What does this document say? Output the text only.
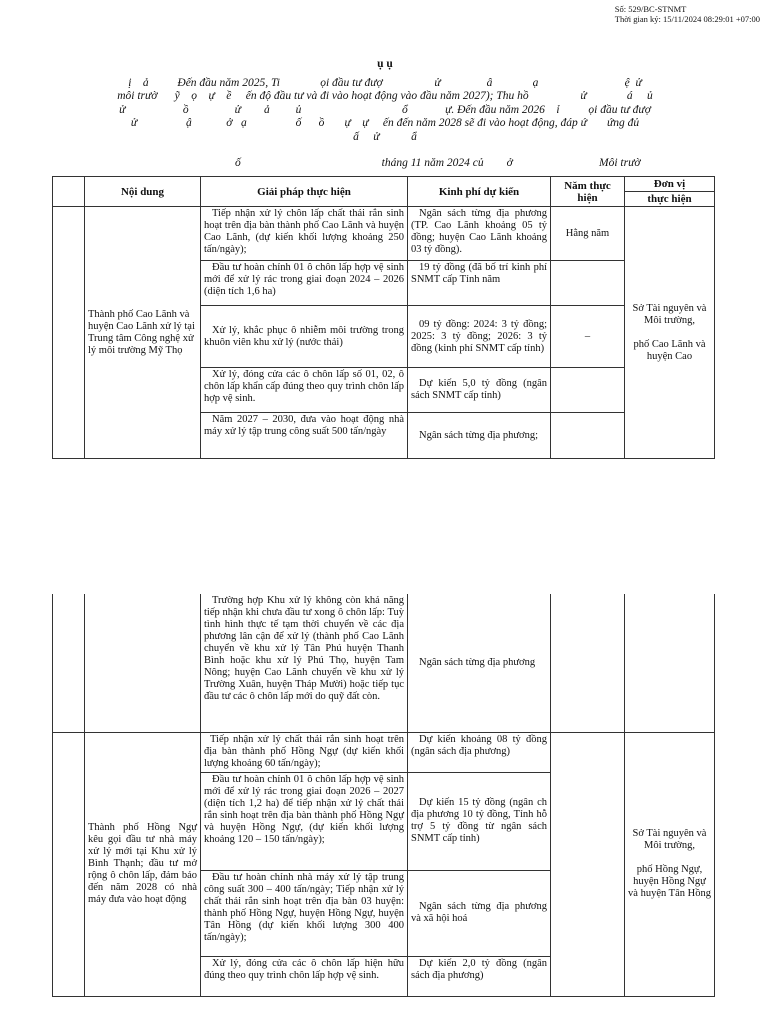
Số: 529/BC-STNMT
Thời gian ký: 15/11/2024 08:29:01 +07:00
ụ ụ
ị    ả          Đến đầu năm 2025, Ti              ọi đầu tư đượ                  ử                â              ạ                              ệ  ử
môi trườ      ỹ    ọ    ự    ề     ến độ đầu tư và đi vào hoạt động vào đầu năm 2027); Thu hồ                  ử              á     ủ
ử                    ồ                ử        ả         ủ                                   ổ             ự. Đến đầu năm 2026    ỉ          ọi đầu tư đượ
ử                 ậ            ở   ạ                 ố      ồ       ự    ự     ến đến năm 2028 sẽ đi vào hoạt động, đáp ứ       ứng đủ
ấ     ử           ẩ
ố                                                 tháng 11 năm 2024 củ        ở                              Môi trườ
	Nội dung	Giải pháp thực hiện	Kinh phí dự kiến	Năm thực hiện	Đơn vị
					thực hiện
	Thành phố Cao Lãnh và huyện Cao Lãnh xử lý tại Trung tâm Công nghệ xử lý môi trường Mỹ Thọ	Tiếp nhận xử lý chôn lấp chất thải rắn sinh hoạt trên địa bàn thành phố Cao Lãnh và huyện Cao Lãnh, (dự kiến khối lượng khoảng 250 tấn/ngày);	Ngân sách từng địa phương (TP. Cao Lãnh khoảng 05 tỷ đồng; huyện Cao Lãnh khoảng 03 tỷ đồng).	Hằng năm	Sở Tài nguyên và Môi trường,
phố Cao Lãnh và huyện Cao

		Đầu tư hoàn chỉnh 01 ô chôn lấp hợp vệ sinh mới để xử lý rác trong giai đoạn 2024 – 2026 (diện tích 1,6 ha)	19 tỷ đồng (đã bố trí kinh phí SNMT cấp Tỉnh năm		
		Xử lý, khắc phục ô nhiễm môi trường trong khuôn viên khu xử lý (nước thải)	09 tỷ đồng: 2024: 3 tỷ đồng; 2025: 3 tỷ đồng; 2026: 3 tỷ đồng (kinh phí SNMT cấp tỉnh)	–	
		Xử lý, đóng cửa các ô chôn lấp số 01, 02, ô chôn lấp khẩn cấp đúng theo quy trình chôn lấp hợp vệ sinh.	Dự kiến 5,0 tỷ đồng (ngân sách SNMT cấp tỉnh)		
		Năm 2027 – 2030, đưa vào hoạt động nhà máy xử lý tập trung công suất 500 tấn/ngày	Ngân sách từng địa phương;		
		Trường hợp Khu xử lý không còn khả năng tiếp nhận khi chưa đầu tư xong ô chôn lấp: Tuỳ tình hình thực tế tạm thời chuyển về các địa phương lân cận để xử lý (thành phố Cao Lãnh chuyển về khu xử lý Tân Phú huyện Thanh Bình hoặc khu xử lý Phú Thọ, huyện Tam Nông; huyện Cao Lãnh chuyển về khu xử lý Trường Xuân, huyện Tháp Mười) hoặc tiếp tục đầu tư các ô chôn lấp mới do quỹ đất còn.	Ngân sách từng địa phương		
	Thành phố Hồng Ngự kêu gọi đầu tư nhà máy xử lý mới tại Khu xử lý Bình Thạnh; đầu tư mở rộng ô chôn lấp, đảm bảo đến năm 2028 có nhà máy đưa vào hoạt động	Tiếp nhận xử lý chất thải rắn sinh hoạt trên địa bàn thành phố Hồng Ngự (dự kiến khối lượng khoảng 60 tấn/ngày);	Dự kiến khoảng 08 tỷ đồng (ngân sách địa phương)		Sở Tài nguyên và Môi trường,
phố Hồng Ngự, huyện Hồng Ngự và huyện Tân Hồng

		Đầu tư hoàn chỉnh 01 ô chôn lấp hợp vệ sinh mới để xử lý rác trong giai đoạn 2026 – 2027 (diện tích 1,2 ha) để tiếp nhận xử lý chất thải rắn sinh hoạt trên địa bàn thành phố Hồng Ngự và huyện Hồng Ngự, (dự kiến khối lượng khoảng 120 – 150 tấn/ngày);	Dự kiến 15 tỷ đồng (ngân ch địa phương 10 tỷ đồng, Tỉnh hỗ trợ 5 tỷ đồng từ ngân sách SNMT cấp tỉnh)		
		Đầu tư hoàn chỉnh nhà máy xử lý tập trung công suất 300 – 400 tấn/ngày; Tiếp nhận xử lý chất thải rắn sinh hoạt trên địa bàn 03 huyện: thành phố Hồng Ngự, huyện Hồng Ngự, huyện Tân Hồng (dự kiến khối lượng 300 400 tấn/ngày);	Ngân sách từng địa phương và xã hội hoá		
		Xử lý, đóng cửa các ô chôn lấp hiện hữu đúng theo quy trình chôn lấp hợp vệ sinh.	Dự kiến 2,0 tỷ đồng (ngân sách địa phương)		
